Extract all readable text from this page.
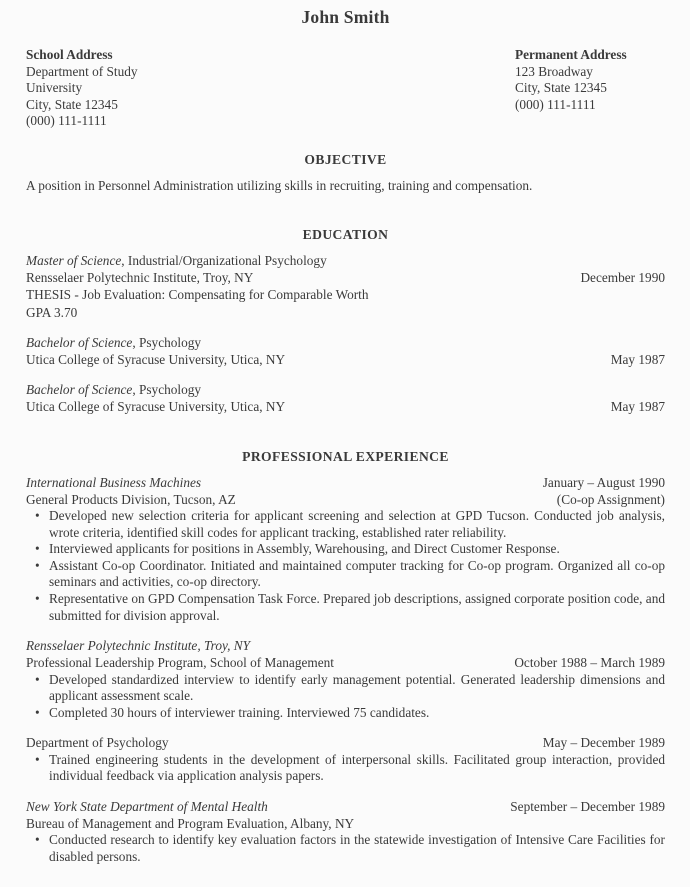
John Smith
School Address
Department of Study
University
City, State 12345
(000) 111-1111
Permanent Address
123 Broadway
City, State 12345
(000) 111-1111
OBJECTIVE

A position in Personnel Administration utilizing skills in recruiting, training and compensation.

EDUCATION
Master of Science, Industrial/Organizational Psychology
Rensselaer Polytechnic Institute, Troy, NY	December 1990
THESIS - Job Evaluation: Compensating for Comparable Worth
GPA 3.70
Bachelor of Science, Psychology
Utica College of Syracuse University, Utica, NY	May 1987
Bachelor of Science, Psychology
Utica College of Syracuse University, Utica, NY	May 1987
PROFESSIONAL EXPERIENCE
International Business Machines	January – August 1990
General Products Division, Tucson, AZ	(Co-op Assignment)
•
Developed new selection criteria for applicant screening and selection at GPD Tucson. Conducted job analysis, wrote criteria, identified skill codes for applicant tracking, established rater reliability.
•
Interviewed applicants for positions in Assembly, Warehousing, and Direct Customer Response.
•
Assistant Co-op Coordinator. Initiated and maintained computer tracking for Co-op program. Organized all co-op seminars and activities, co-op directory.
•
Representative on GPD Compensation Task Force. Prepared job descriptions, assigned corporate position code, and submitted for division approval.
Rensselaer Polytechnic Institute, Troy, NY
Professional Leadership Program, School of Management	October 1988 – March 1989
•
Developed standardized interview to identify early management potential. Generated leadership dimensions and applicant assessment scale.
•
Completed 30 hours of interviewer training. Interviewed 75 candidates.
Department of Psychology	May – December 1989
•
Trained engineering students in the development of interpersonal skills. Facilitated group interaction, provided individual feedback via application analysis papers.
New York State Department of Mental Health	September – December 1989
Bureau of Management and Program Evaluation, Albany, NY
•
Conducted research to identify key evaluation factors in the statewide investigation of Intensive Care Facilities for disabled persons.
